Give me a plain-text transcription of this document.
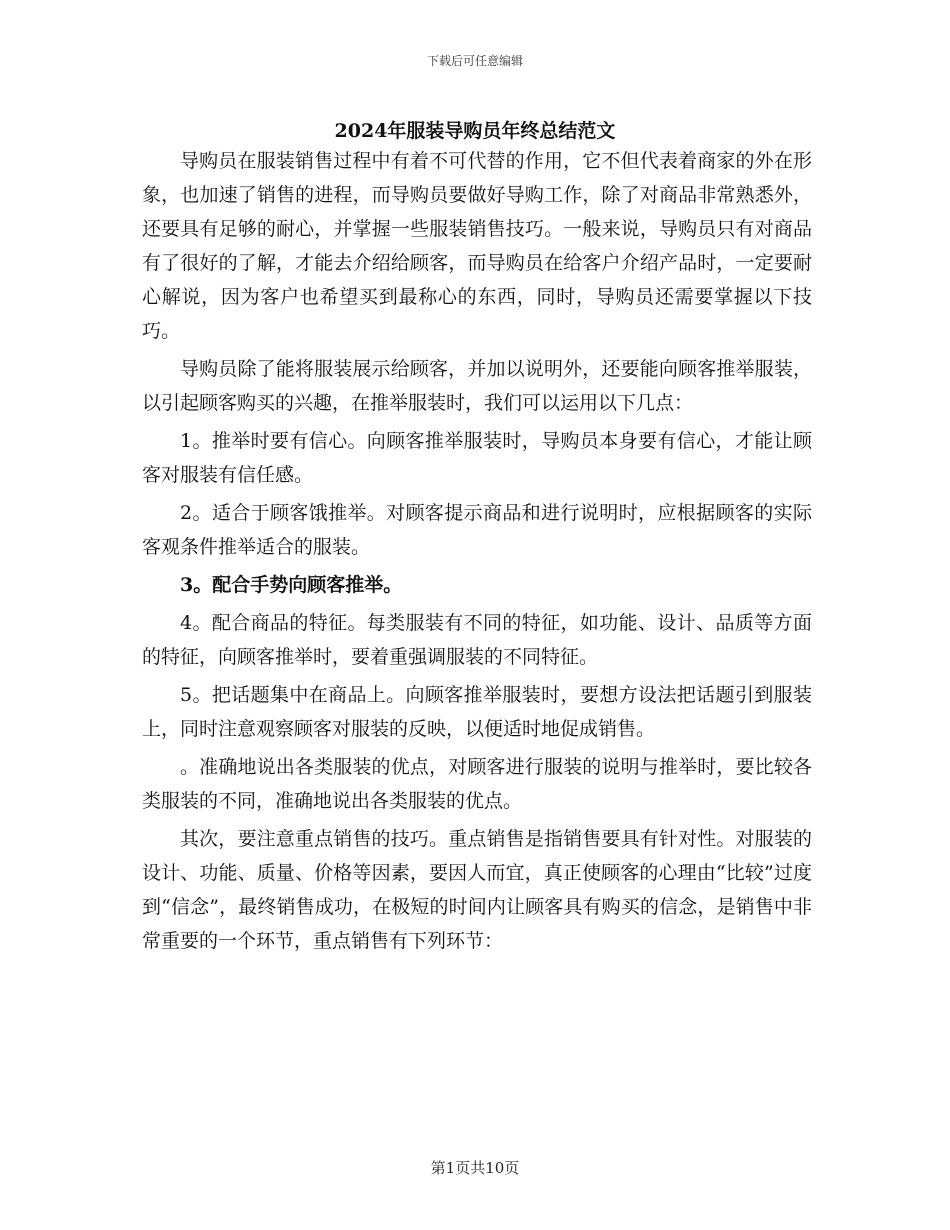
下载后可任意编辑
2024年服装导购员年终总结范文

导购员在服装销售过程中有着不可代替的作用，它不但代表着商家的外在形象，也加速了销售的进程，而导购员要做好导购工作，除了对商品非常熟悉外，还要具有足够的耐心，并掌握一些服装销售技巧。一般来说，导购员只有对商品有了很好的了解，才能去介绍给顾客，而导购员在给客户介绍产品时，一定要耐心解说，因为客户也希望买到最称心的东西，同时，导购员还需要掌握以下技巧。

导购员除了能将服装展示给顾客，并加以说明外，还要能向顾客推举服装，以引起顾客购买的兴趣，在推举服装时，我们可以运用以下几点：

1。推举时要有信心。向顾客推举服装时，导购员本身要有信心，才能让顾客对服装有信任感。

2。适合于顾客饿推举。对顾客提示商品和进行说明时，应根据顾客的实际客观条件推举适合的服装。

3。配合手势向顾客推举。

4。配合商品的特征。每类服装有不同的特征，如功能、设计、品质等方面的特征，向顾客推举时，要着重强调服装的不同特征。

5。把话题集中在商品上。向顾客推举服装时，要想方设法把话题引到服装上，同时注意观察顾客对服装的反映，以便适时地促成销售。

。准确地说出各类服装的优点，对顾客进行服装的说明与推举时，要比较各类服装的不同，准确地说出各类服装的优点。

其次，要注意重点销售的技巧。重点销售是指销售要具有针对性。对服装的设计、功能、质量、价格等因素，要因人而宜，真正使顾客的心理由“比较”过度到“信念”，最终销售成功，在极短的时间内让顾客具有购买的信念，是销售中非常重要的一个环节，重点销售有下列环节：

第1页共10页
